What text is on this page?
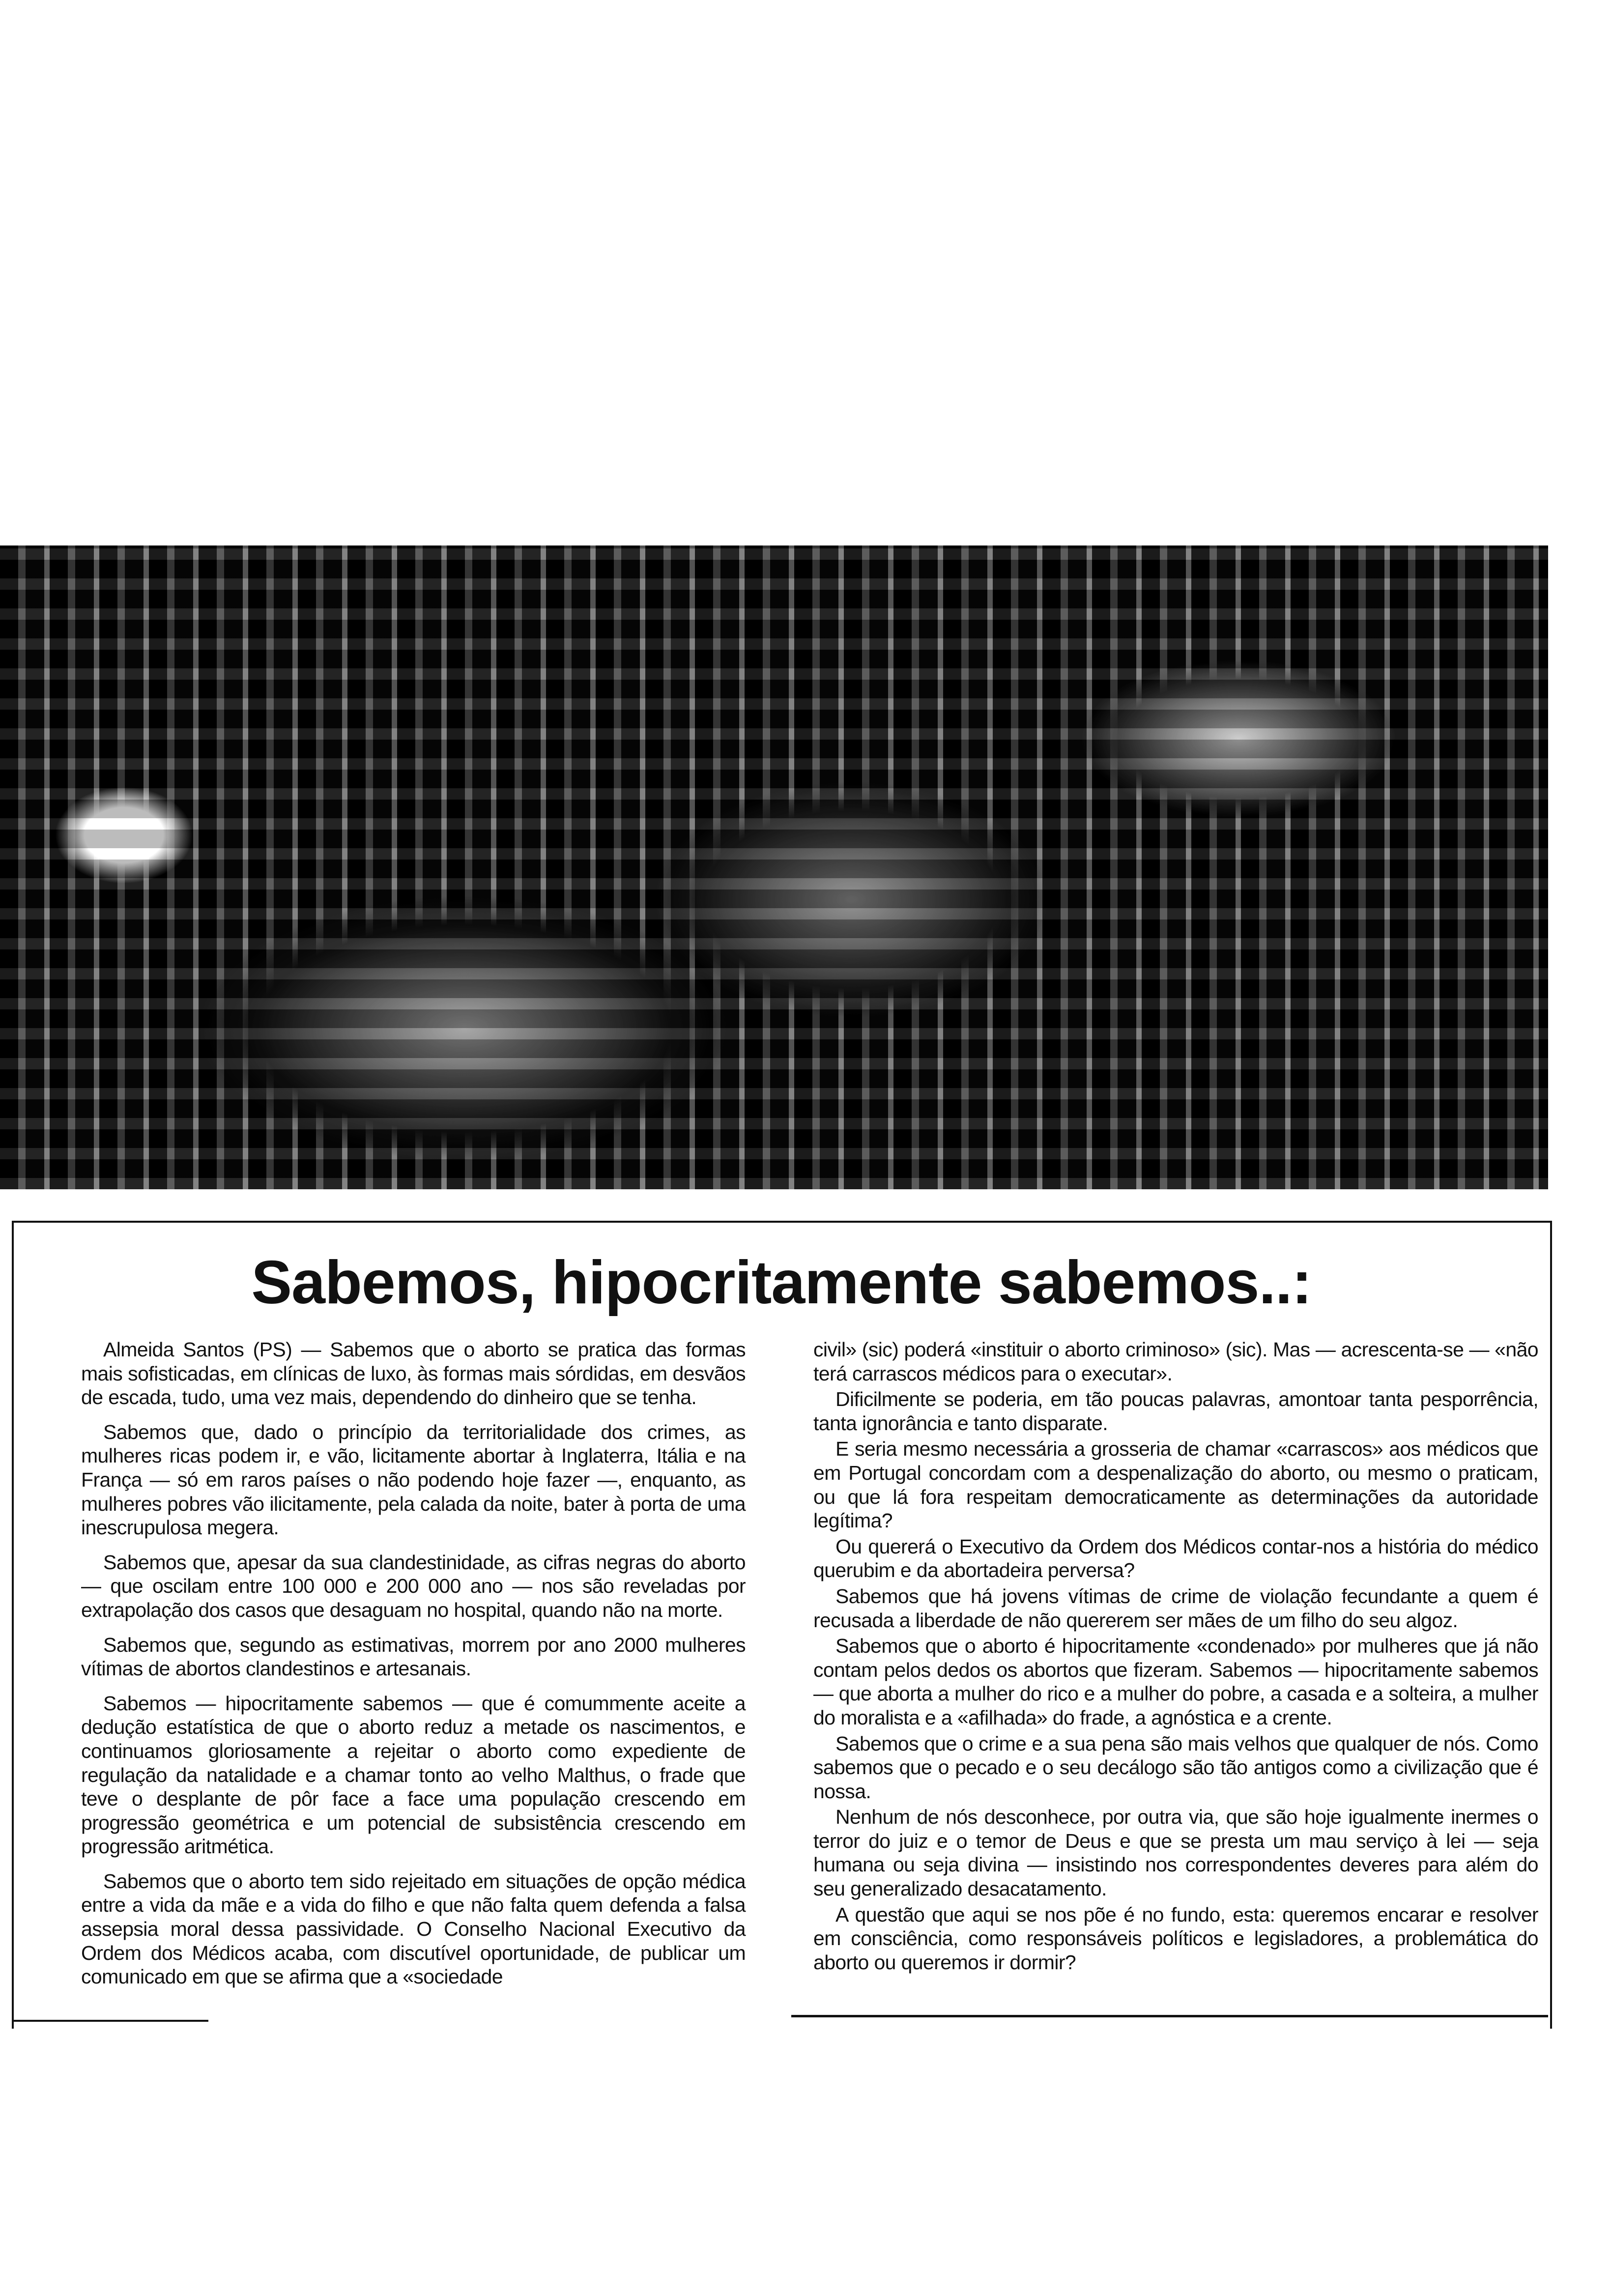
Sabemos, hipocritamente sabemos..:

Almeida Santos (PS) — Sabemos que o aborto se pratica das formas mais sofisticadas, em clínicas de luxo, às formas mais sórdidas, em desvãos de escada, tudo, uma vez mais, dependendo do dinheiro que se tenha.

Sabemos que, dado o princípio da territorialidade dos crimes, as mulheres ricas podem ir, e vão, licitamente abortar à Inglaterra, Itália e na França — só em raros países o não podendo hoje fazer —, enquanto, as mulheres pobres vão ilicitamente, pela calada da noite, bater à porta de uma inescrupulosa megera.

Sabemos que, apesar da sua clandestinidade, as cifras negras do aborto — que oscilam entre 100 000 e 200 000 ano — nos são reveladas por extrapolação dos casos que desaguam no hospital, quando não na morte.

Sabemos que, segundo as estimativas, morrem por ano 2000 mulheres vítimas de abortos clandestinos e artesanais.

Sabemos — hipocritamente sabemos — que é comummente aceite a dedução estatística de que o aborto reduz a metade os nascimentos, e continuamos gloriosamente a rejeitar o aborto como expediente de regulação da natalidade e a chamar tonto ao velho Malthus, o frade que teve o desplante de pôr face a face uma população crescendo em progressão geométrica e um potencial de subsistência crescendo em progressão aritmética.

Sabemos que o aborto tem sido rejeitado em situações de opção médica entre a vida da mãe e a vida do filho e que não falta quem defenda a falsa assepsia moral dessa passividade. O Conselho Nacional Executivo da Ordem dos Médicos acaba, com discutível oportunidade, de publicar um comunicado em que se afirma que a «sociedade

civil» (sic) poderá «instituir o aborto criminoso» (sic). Mas — acrescenta-se — «não terá carrascos médicos para o executar».

Dificilmente se poderia, em tão poucas palavras, amontoar tanta pesporrência, tanta ignorância e tanto disparate.

E seria mesmo necessária a grosseria de chamar «carrascos» aos médicos que em Portugal concordam com a despenalização do aborto, ou mesmo o praticam, ou que lá fora respeitam democraticamente as determinações da autoridade legítima?

Ou quererá o Executivo da Ordem dos Médicos contar-nos a história do médico querubim e da abortadeira perversa?

Sabemos que há jovens vítimas de crime de violação fecundante a quem é recusada a liberdade de não quererem ser mães de um filho do seu algoz.

Sabemos que o aborto é hipocritamente «condenado» por mulheres que já não contam pelos dedos os abortos que fizeram. Sabemos — hipocritamente sabemos — que aborta a mulher do rico e a mulher do pobre, a casada e a solteira, a mulher do moralista e a «afilhada» do frade, a agnóstica e a crente.

Sabemos que o crime e a sua pena são mais velhos que qualquer de nós. Como sabemos que o pecado e o seu decálogo são tão antigos como a civilização que é nossa.

Nenhum de nós desconhece, por outra via, que são hoje igualmente inermes o terror do juiz e o temor de Deus e que se presta um mau serviço à lei — seja humana ou seja divina — insistindo nos correspondentes deveres para além do seu generalizado desacatamento.

A questão que aqui se nos põe é no fundo, esta: queremos encarar e resolver em consciência, como responsáveis políticos e legisladores, a problemática do aborto ou queremos ir dormir?
